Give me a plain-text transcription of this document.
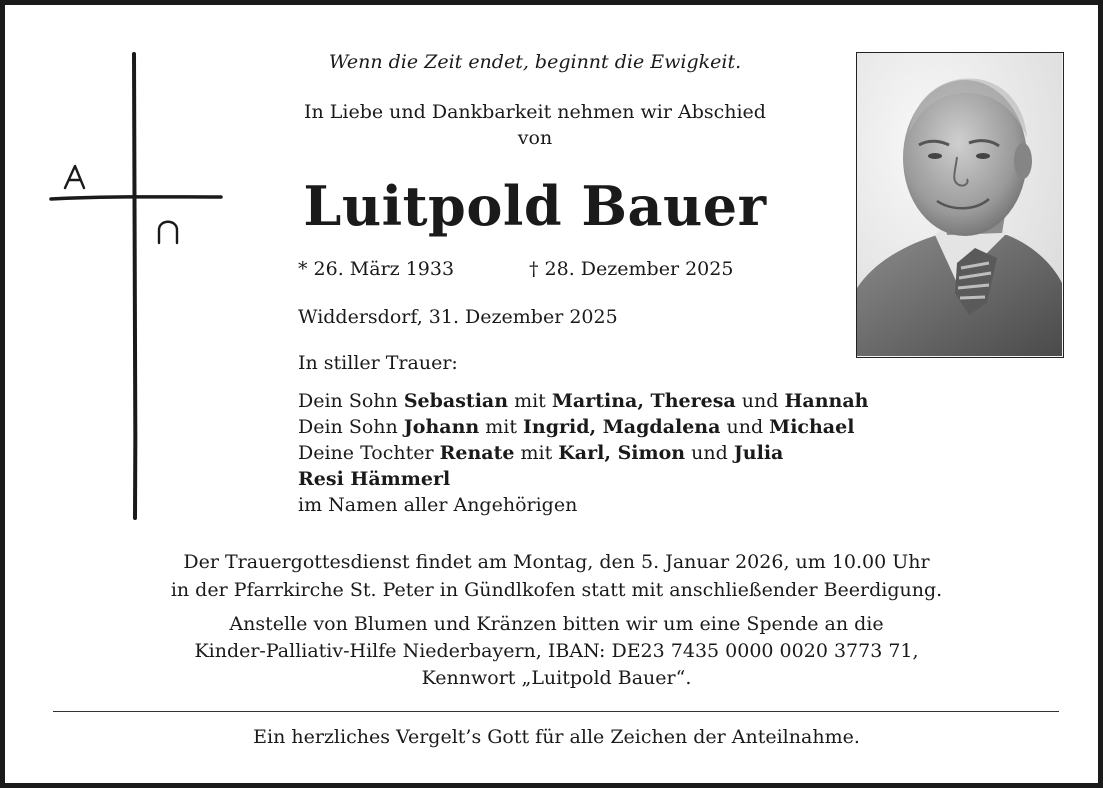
Wenn die Zeit endet, beginnt die Ewigkeit.
In Liebe und Dankbarkeit nehmen wir Abschied
von
Luitpold Bauer
* 26. März 1933	† 28. Dezember 2025
Widdersdorf, 31. Dezember 2025
In stiller Trauer:
Dein Sohn Sebastian mit Martina, Theresa und Hannah
Dein Sohn Johann mit Ingrid, Magdalena und Michael
Deine Tochter Renate mit Karl, Simon und Julia
Resi Hämmerl
im Namen aller Angehörigen
Der Trauergottesdienst findet am Montag, den 5. Januar 2026, um 10.00 Uhr
in der Pfarrkirche St. Peter in Gündlkofen statt mit anschließender Beerdigung.
Anstelle von Blumen und Kränzen bitten wir um eine Spende an die
Kinder-Palliativ-Hilfe Niederbayern, IBAN: DE23 7435 0000 0020 3773 71,
Kennwort „Luitpold Bauer“.
Ein herzliches Vergelt’s Gott für alle Zeichen der Anteilnahme.
